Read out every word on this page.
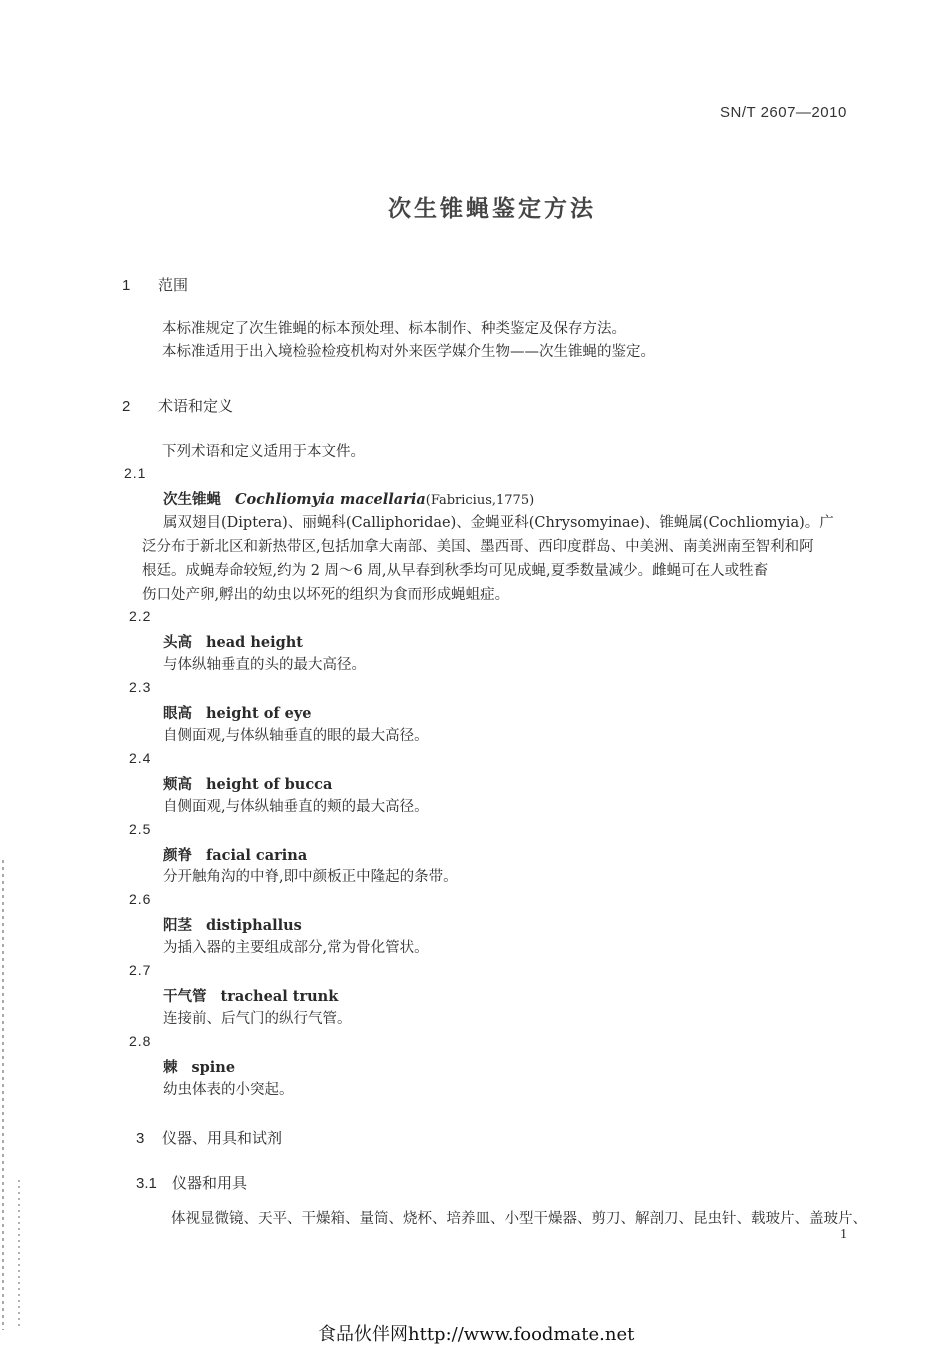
SN/T 2607—2010
次生锥蝇鉴定方法
1 范围
本标准规定了次生锥蝇的标本预处理、标本制作、种类鉴定及保存方法。
本标准适用于出入境检验检疫机构对外来医学媒介生物——次生锥蝇的鉴定。
2 术语和定义
下列术语和定义适用于本文件。
2.1
次生锥蝇 Cochliomyia macellaria(Fabricius,1775)
属双翅目(Diptera)、丽蝇科(Calliphoridae)、金蝇亚科(Chrysomyinae)、锥蝇属(Cochliomyia)。广
泛分布于新北区和新热带区,包括加拿大南部、美国、墨西哥、西印度群岛、中美洲、南美洲南至智利和阿
根廷。成蝇寿命较短,约为 2 周～6 周,从早春到秋季均可见成蝇,夏季数量减少。雌蝇可在人或牲畜
伤口处产卵,孵出的幼虫以坏死的组织为食而形成蝇蛆症。
2.2
头高 head height
与体纵轴垂直的头的最大高径。
2.3
眼高 height of eye
自侧面观,与体纵轴垂直的眼的最大高径。
2.4
颊高 height of bucca
自侧面观,与体纵轴垂直的颊的最大高径。
2.5
颜脊 facial carina
分开触角沟的中脊,即中颜板正中隆起的条带。
2.6
阳茎 distiphallus
为插入器的主要组成部分,常为骨化管状。
2.7
干气管 tracheal trunk
连接前、后气门的纵行气管。
2.8
棘 spine
幼虫体表的小突起。
3 仪器、用具和试剂
3.1 仪器和用具
体视显微镜、天平、干燥箱、量筒、烧杯、培养皿、小型干燥器、剪刀、解剖刀、昆虫针、载玻片、盖玻片、
1
食品伙伴网http://www.foodmate.net
